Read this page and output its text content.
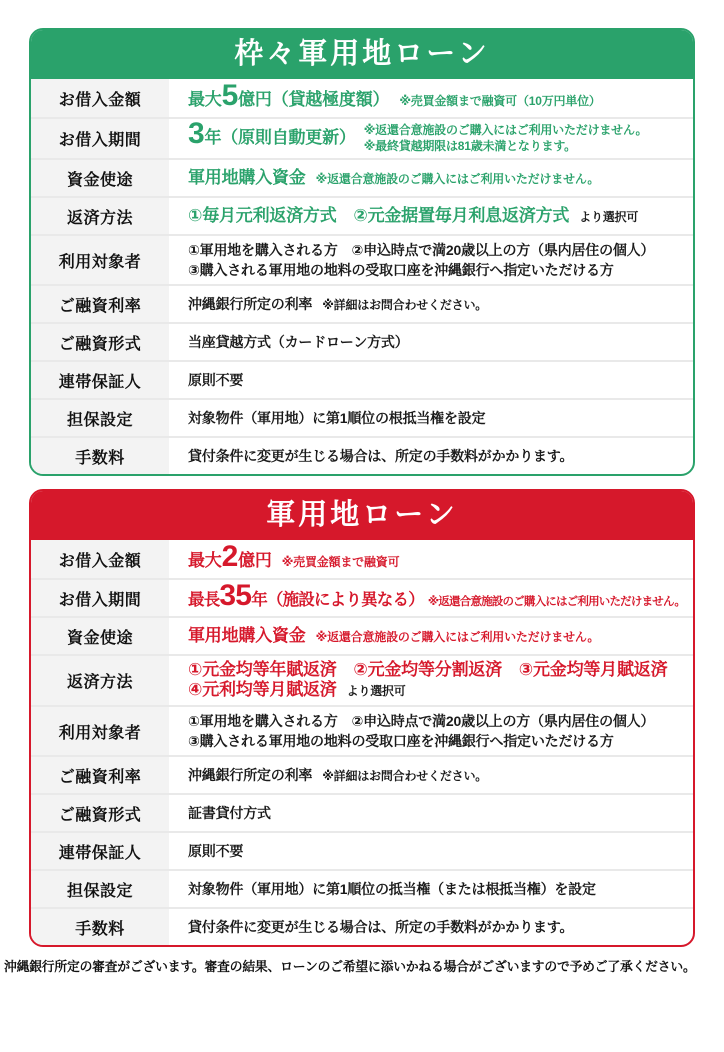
枠々軍用地ローン
お借入金額	最大 5 億円（貸越極度額） ※売買金額まで融資可（10万円単位）
お借入期間	3 年（原則自動更新） ※返還合意施設のご購入にはご利用いただけません。
※最終貸越期限は81歳未満となります。
資金使途	軍用地購入資金 ※返還合意施設のご購入にはご利用いただけません。
返済方法	①毎月元利返済方式　②元金据置毎月利息返済方式 より選択可
利用対象者
①軍用地を購入される方　②申込時点で満20歳以上の方（県内居住の個人）
③購入される軍用地の地料の受取口座を沖縄銀行へ指定いただける方
ご融資利率	沖縄銀行所定の利率 ※詳細はお問合わせください。
ご融資形式	当座貸越方式（カードローン方式）
連帯保証人	原則不要
担保設定	対象物件（軍用地）に第1順位の根抵当権を設定
手数料	貸付条件に変更が生じる場合は、所定の手数料がかかります。
軍用地ローン
お借入金額	最大 2 億円 ※売買金額まで融資可
お借入期間	最長 35 年（施設により異なる） ※返還合意施設のご購入にはご利用いただけません。
資金使途	軍用地購入資金 ※返還合意施設のご購入にはご利用いただけません。
返済方法
①元金均等年賦返済　②元金均等分割返済　③元金均等月賦返済
④元利均等月賦返済 より選択可
利用対象者
①軍用地を購入される方　②申込時点で満20歳以上の方（県内居住の個人）
③購入される軍用地の地料の受取口座を沖縄銀行へ指定いただける方
ご融資利率	沖縄銀行所定の利率 ※詳細はお問合わせください。
ご融資形式	証書貸付方式
連帯保証人	原則不要
担保設定	対象物件（軍用地）に第1順位の抵当権（または根抵当権）を設定
手数料	貸付条件に変更が生じる場合は、所定の手数料がかかります。
沖縄銀行所定の審査がございます。審査の結果、ローンのご希望に添いかねる場合がございますので予めご了承ください。
